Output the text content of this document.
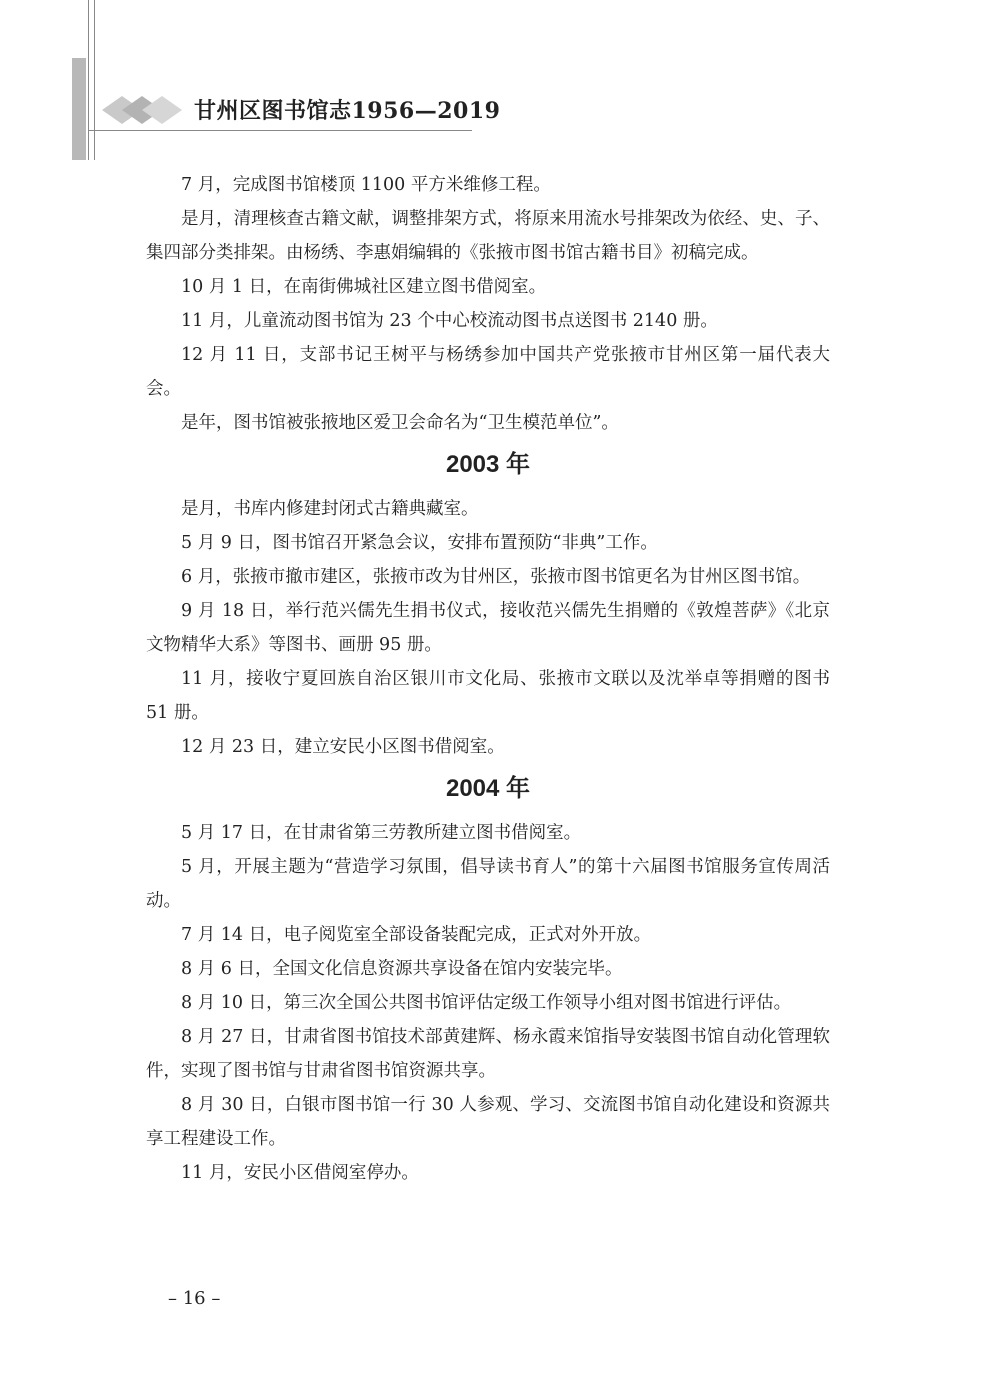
甘州区图书馆志1956—2019

7 月，完成图书馆楼顶 1100 平方米维修工程。

是月，清理核查古籍文献，调整排架方式，将原来用流水号排架改为依经、史、子、集四部分类排架。由杨绣、李惠娟编辑的《张掖市图书馆古籍书目》初稿完成。

10 月 1 日，在南街佛城社区建立图书借阅室。

11 月，儿童流动图书馆为 23 个中心校流动图书点送图书 2140 册。

12 月 11 日，支部书记王树平与杨绣参加中国共产党张掖市甘州区第一届代表大会。

是年，图书馆被张掖地区爱卫会命名为“卫生模范单位”。

2003 年

是月，书库内修建封闭式古籍典藏室。

5 月 9 日，图书馆召开紧急会议，安排布置预防“非典”工作。

6 月，张掖市撤市建区，张掖市改为甘州区，张掖市图书馆更名为甘州区图书馆。

9 月 18 日，举行范兴儒先生捐书仪式，接收范兴儒先生捐赠的《敦煌菩萨》《北京文物精华大系》等图书、画册 95 册。

11 月，接收宁夏回族自治区银川市文化局、张掖市文联以及沈举卓等捐赠的图书 51 册。

12 月 23 日，建立安民小区图书借阅室。

2004 年

5 月 17 日，在甘肃省第三劳教所建立图书借阅室。

5 月，开展主题为“营造学习氛围，倡导读书育人”的第十六届图书馆服务宣传周活动。

7 月 14 日，电子阅览室全部设备装配完成，正式对外开放。

8 月 6 日，全国文化信息资源共享设备在馆内安装完毕。

8 月 10 日，第三次全国公共图书馆评估定级工作领导小组对图书馆进行评估。

8 月 27 日，甘肃省图书馆技术部黄建辉、杨永霞来馆指导安装图书馆自动化管理软件，实现了图书馆与甘肃省图书馆资源共享。

8 月 30 日，白银市图书馆一行 30 人参观、学习、交流图书馆自动化建设和资源共享工程建设工作。

11 月，安民小区借阅室停办。

– 16 –
